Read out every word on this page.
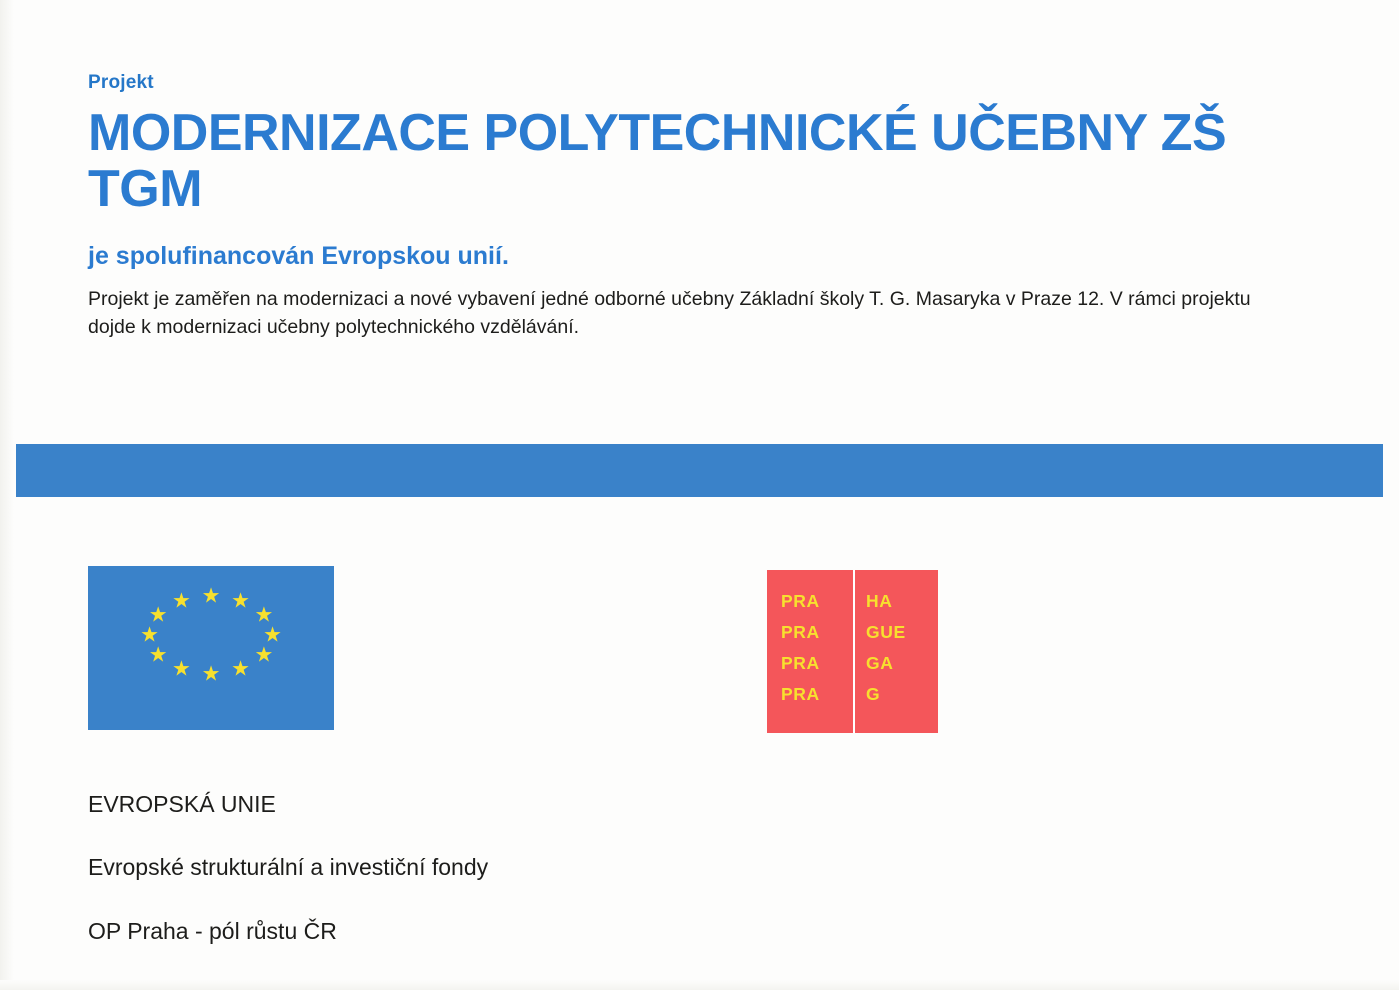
Projekt

MODERNIZACE POLYTECHNICKÉ UČEBNY ZŠ TGM

je spolufinancován Evropskou unií.

Projekt je zaměřen na modernizaci a nové vybavení jedné odborné učebny Základní školy T. G. Masaryka v Praze 12. V rámci projektu dojde k modernizaci učebny polytechnického vzdělávání.

★ ★
★
★
★
★
★
★
★
★
★
★

EVROPSKÁ UNIE

Evropské strukturální a investiční fondy

OP Praha - pól růstu ČR

PRA
PRA
PRA
PRA
HA
GUE
GA
G
